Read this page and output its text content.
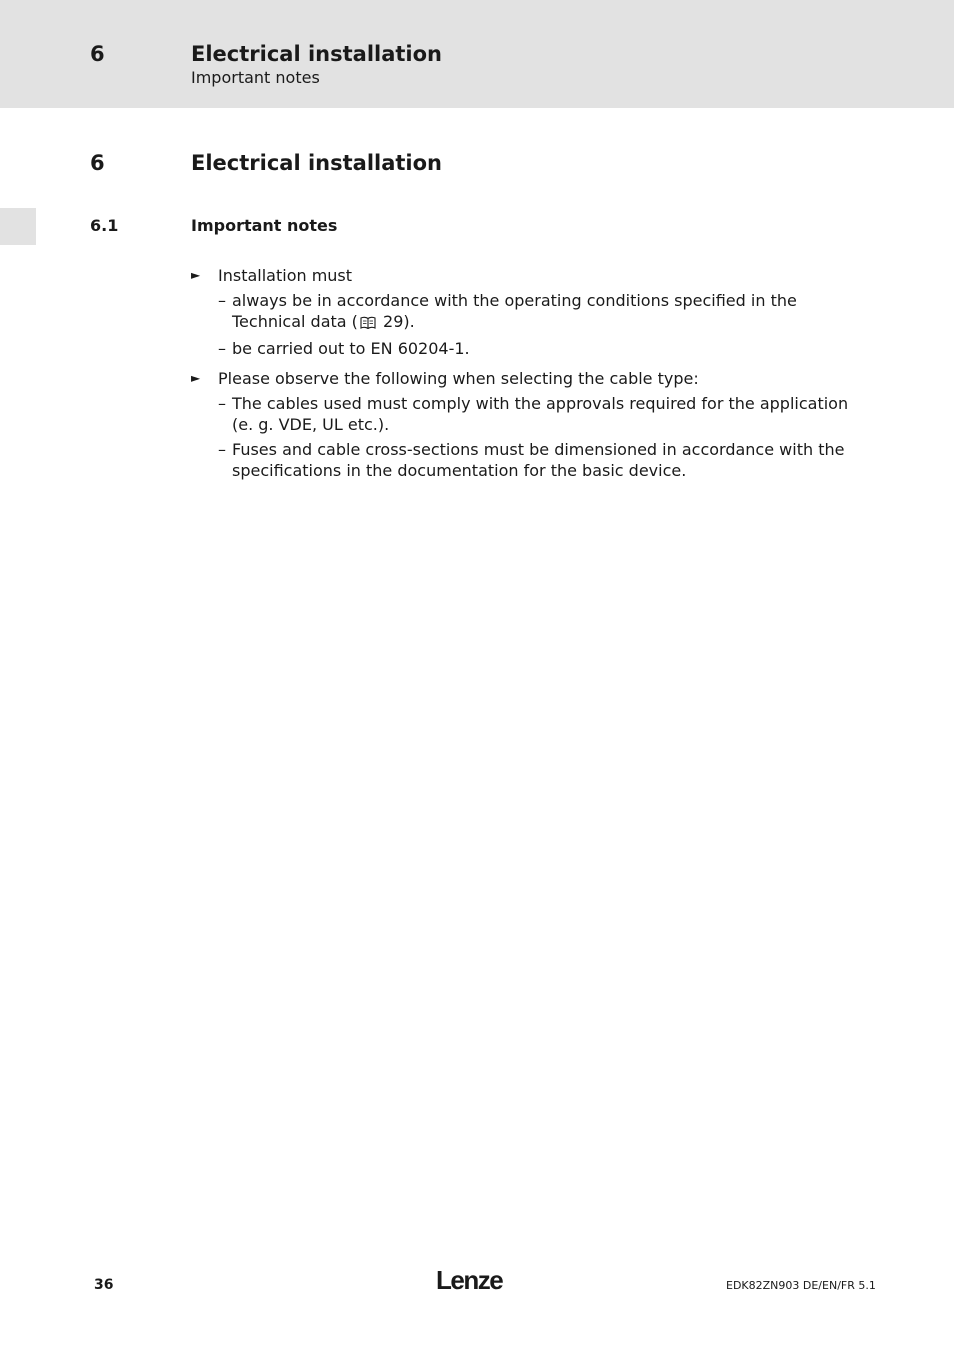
6	Electrical installation
Important notes
6	Electrical installation
6.1	Important notes
► Installation must
– always be in accordance with the operating conditions specified in the Technical data ( 29).
– be carried out to EN 60204-1.
► Please observe the following when selecting the cable type:
– The cables used must comply with the approvals required for the application (e. g. VDE, UL etc.).
– Fuses and cable cross-sections must be dimensioned in accordance with the specifications in the documentation for the basic device.
36	Lenze	EDK82ZN903 DE/EN/FR 5.1
